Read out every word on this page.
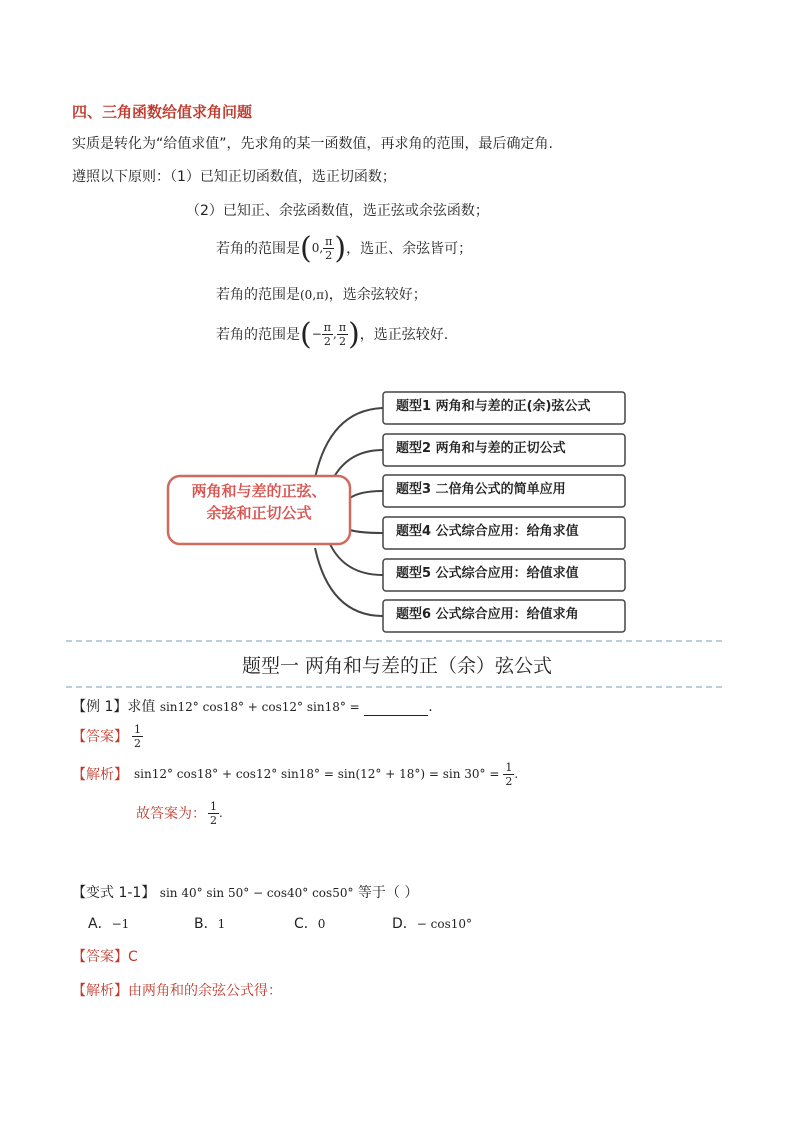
四、三角函数给值求角问题
实质是转化为“给值求值”，先求角的某一函数值，再求角的范围，最后确定角.
遵照以下原则：（1）已知正切函数值，选正切函数；
（2）已知正、余弦函数值，选正弦或余弦函数；
若角的范围是 ( 0, $\frac{\pi}{2}$ ) ，选正、余弦皆可；
若角的范围是(0,π)，选余弦较好；
若角的范围是 ( − $\frac{\pi}{2}$ , $\frac{\pi}{2}$ ) ，选正弦较好.
两角和与差的正弦、
余弦和正切公式
题型1 两角和与差的正(余)弦公式
题型2 两角和与差的正切公式
题型3 二倍角公式的简单应用
题型4 公式综合应用：给角求值
题型5 公式综合应用：给值求值
题型6 公式综合应用：给值求角
题型一 两角和与差的正（余）弦公式
【例 1】求值 sin12° cos18° + cos12° sin18° =	.
【答案】 $\frac{1}{2}$
【解析】 sin12° cos18° + cos12° $\sin 18^\circ = \sin(12^\circ + 18^\circ) = \sin 30^\circ = \frac{1}{2}$ .
故答案为： $\frac{1}{2}$ .
【变式 1-1】 sin 40° sin 50° − cos40° cos50° 等于（ ）
A．−1	B．1	C．0	D．− cos10°
【答案】C
【解析】由两角和的余弦公式得：
